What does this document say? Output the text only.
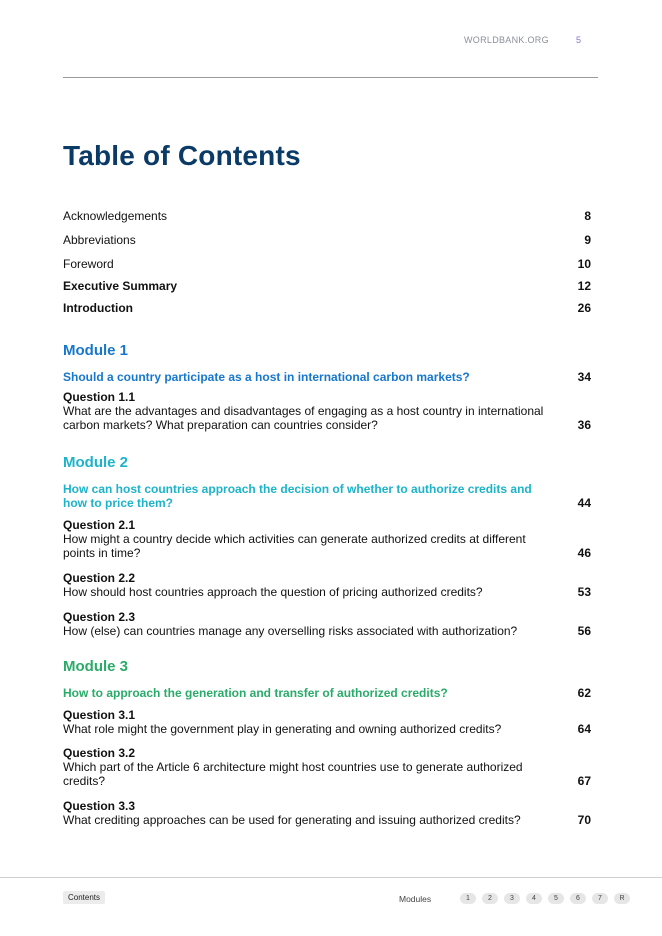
WORLDBANK.ORG	5
Table of Contents
Acknowledgements	8
Abbreviations	9
Foreword	10
Executive Summary	12
Introduction	26
Module 1
Should a country participate as a host in international carbon markets?	34
Question 1.1
What are the advantages and disadvantages of engaging as a host country in international carbon markets? What preparation can countries consider?	36
Module 2
How can host countries approach the decision of whether to authorize credits and how to price them?	44
Question 2.1
How might a country decide which activities can generate authorized credits at different points in time?	46
Question 2.2
How should host countries approach the question of pricing authorized credits?	53
Question 2.3
How (else) can countries manage any overselling risks associated with authorization?	56
Module 3
How to approach the generation and transfer of authorized credits?	62
Question 3.1
What role might the government play in generating and owning authorized credits?	64
Question 3.2
Which part of the Article 6 architecture might host countries use to generate authorized credits?	67
Question 3.3
What crediting approaches can be used for generating and issuing authorized credits?	70
Contents	Modules	1	2	3	4	5	6	7	R
